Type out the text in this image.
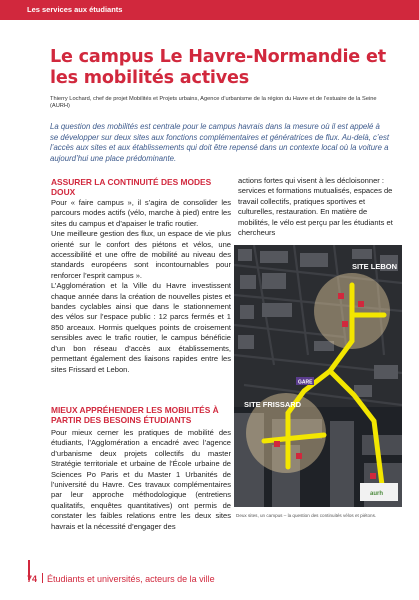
Les services aux étudiants
Le campus Le Havre-Normandie et les mobilités actives
Thierry Lochard, chef de projet Mobilités et Projets urbains, Agence d’urbanisme de la région du Havre et de l’estuaire de la Seine (AURH)
La question des mobilités est centrale pour le campus havrais dans la mesure où il est appelé à se développer sur deux sites aux fonctions complémentaires et génératrices de flux. Au-delà, c’est l’accès aux sites et aux établissements qui doit être repensé dans un contexte local où la voiture a aujourd’hui une place prédominante.
ASSURER LA CONTINUITÉ DES MODES DOUX

Pour « faire campus », il s’agira de consolider les parcours modes actifs (vélo, marche à pied) entre les sites du campus et d’apaiser le trafic routier.

Une meilleure gestion des flux, un espace de vie plus orienté sur le confort des piétons et vélos, une accessibilité et une offre de mobilité au niveau des standards européens sont incontournables pour renforcer l’esprit campus ».

L’Agglomération et la Ville du Havre investissent chaque année dans la création de nouvelles pistes et bandes cyclables ainsi que dans le stationnement des vélos sur l’espace public : 12 parcs fermés et 1 850 arceaux. Hormis quelques points de croisement sensibles avec le trafic routier, le campus bénéficie d’un bon réseau d’accès aux établissements, permettant également des liaisons rapides entre les sites Frissard et Lebon.

MIEUX APPRÉHENDER LES MOBILITÉS À PARTIR DES BESOINS ÉTUDIANTS

Pour mieux cerner les pratiques de mobilité des étudiants, l’Agglomération a encadré avec l’agence d’urbanisme deux projets collectifs du master Stratégie territoriale et urbaine de l’École urbaine de Sciences Po Paris et du Master 1 Urbanités de l’université du Havre. Ces travaux complémentaires par leur approche méthodologique (entretiens qualitatifs, enquêtes quantitatives) ont permis de constater les faibles relations entre les deux sites havrais et la nécessité d’engager des

actions fortes qui visent à les décloisonner : services et formations mutualisés, espaces de travail collectifs, pratiques sportives et culturelles, restauration. En matière de mobilités, le vélo est perçu par les étudiants et chercheurs

GARE
SITE LEBON
SITE FRISSARD
aurh
Deux sites, un campus – la question des continuités vélos et piétons.
74 Étudiants et universités, acteurs de la ville
